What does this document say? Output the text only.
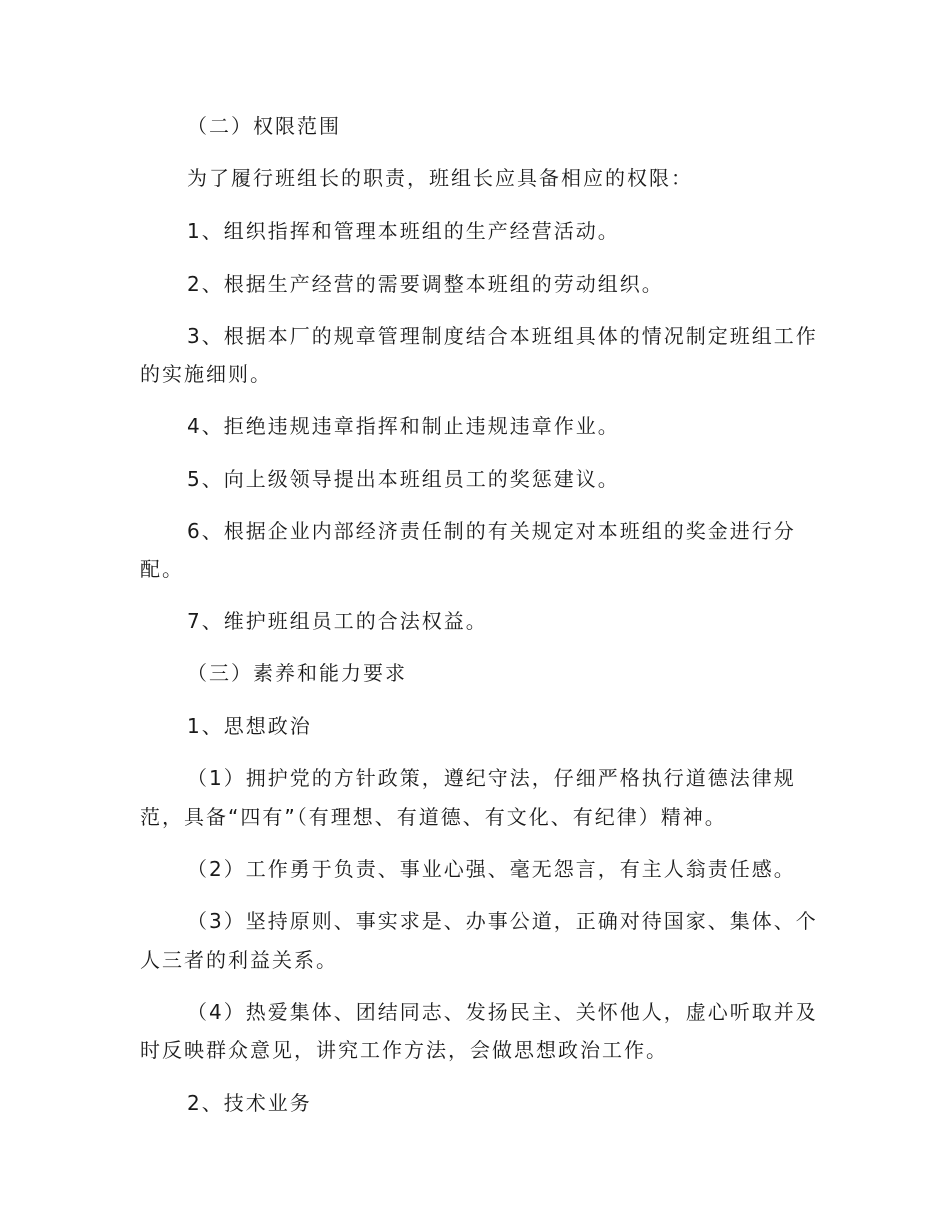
（二）权限范围
为了履行班组长的职责，班组长应具备相应的权限：
1、组织指挥和管理本班组的生产经营活动。
2、根据生产经营的需要调整本班组的劳动组织。
3、根据本厂的规章管理制度结合本班组具体的情况制定班组工作
的实施细则。
4、拒绝违规违章指挥和制止违规违章作业。
5、向上级领导提出本班组员工的奖惩建议。
6、根据企业内部经济责任制的有关规定对本班组的奖金进行分
配。
7、维护班组员工的合法权益。
（三）素养和能力要求
1、思想政治
（1）拥护党的方针政策，遵纪守法，仔细严格执行道德法律规
范，具备“四有”（有理想、有道德、有文化、有纪律）精神。
（2）工作勇于负责、事业心强、毫无怨言，有主人翁责任感。
（3）坚持原则、事实求是、办事公道，正确对待国家、集体、个
人三者的利益关系。
（4）热爱集体、团结同志、发扬民主、关怀他人，虚心听取并及
时反映群众意见，讲究工作方法，会做思想政治工作。
2、技术业务
